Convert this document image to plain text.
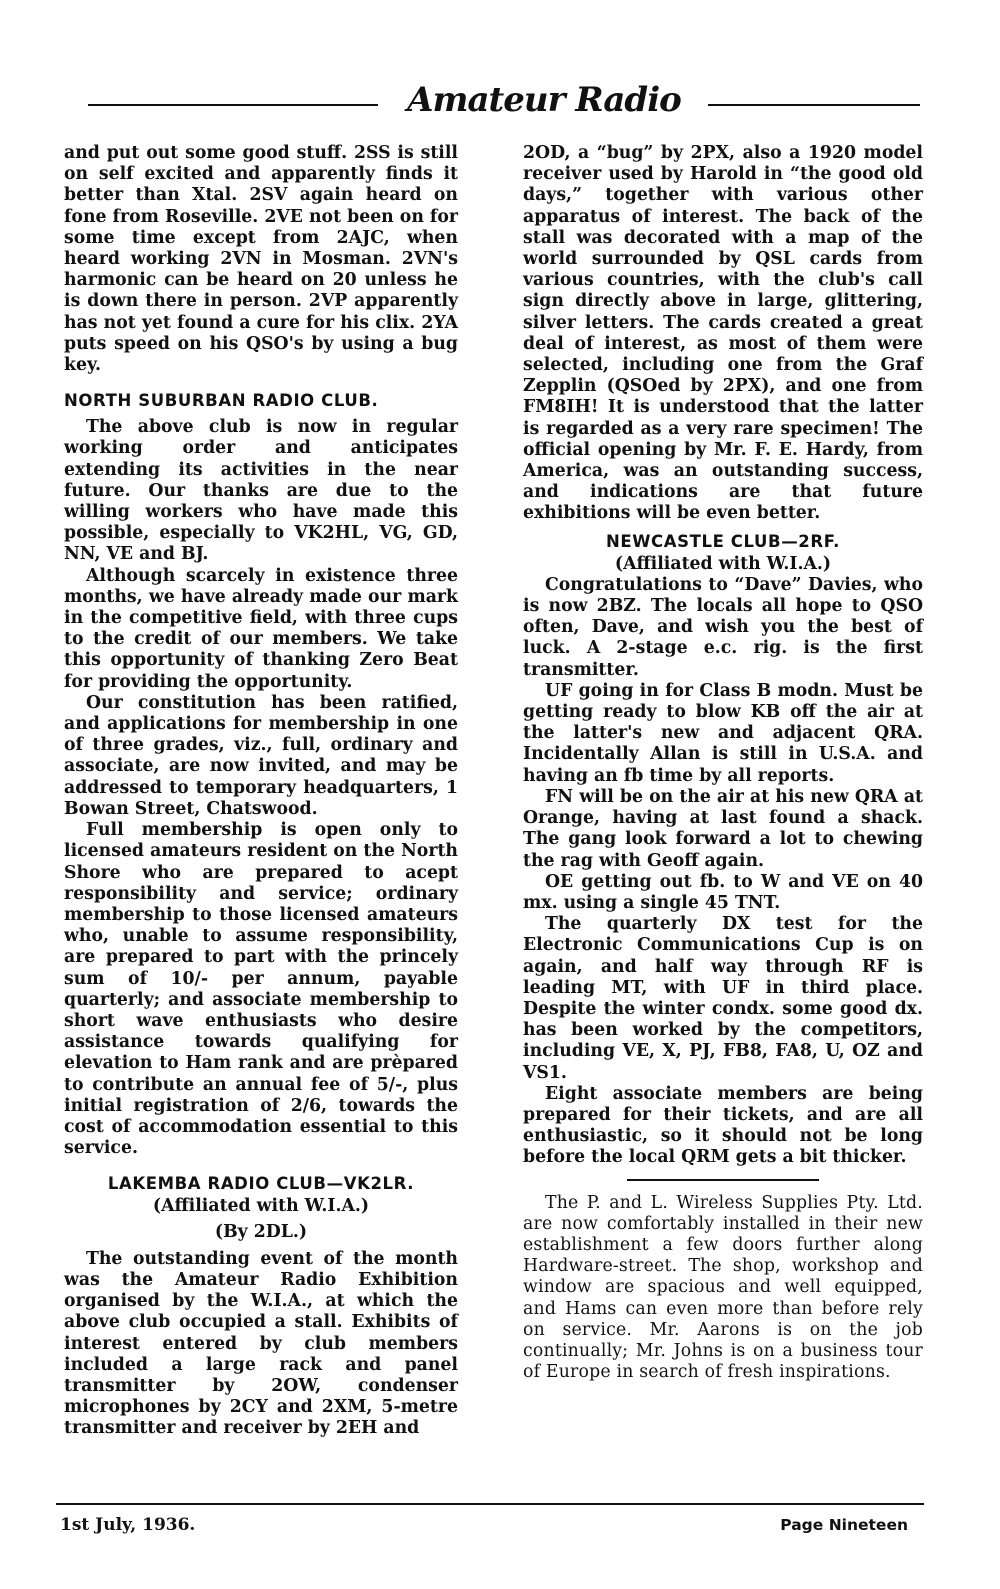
Amateur Radio

and put out some good stuff. 2SS is still on self excited and apparently finds it better than Xtal. 2SV again heard on fone from Roseville. 2VE not been on for some time except from 2AJC, when heard working 2VN in Mosman. 2VN's harmonic can be heard on 20 unless he is down there in person. 2VP apparently has not yet found a cure for his clix. 2YA puts speed on his QSO's by using a bug key.

NORTH SUBURBAN RADIO CLUB.

The above club is now in regular working order and anticipates extending its activities in the near future. Our thanks are due to the willing workers who have made this possible, especially to VK2HL, VG, GD, NN, VE and BJ.

Although scarcely in existence three months, we have already made our mark in the competitive field, with three cups to the credit of our members. We take this opportunity of thanking Zero Beat for providing the opportunity.

Our constitution has been ratified, and applications for membership in one of three grades, viz., full, ordinary and associate, are now invited, and may be addressed to temporary headquarters, 1 Bowan Street, Chatswood.

Full membership is open only to licensed amateurs resident on the North Shore who are prepared to acept responsibility and service; ordinary membership to those licensed amateurs who, unable to assume responsibility, are prepared to part with the princely sum of 10/- per annum, payable quarterly; and associate membership to short wave enthusiasts who desire assistance towards qualifying for elevation to Ham rank and are prèpared to contribute an annual fee of 5/-, plus initial registration of 2/6, towards the cost of accommodation essential to this service.

LAKEMBA RADIO CLUB—VK2LR.

(Affiliated with W.I.A.)

(By 2DL.)

The outstanding event of the month was the Amateur Radio Exhibition organised by the W.I.A., at which the above club occupied a stall. Exhibits of interest entered by club members included a large rack and panel transmitter by 2OW, condenser microphones by 2CY and 2XM, 5-metre transmitter and receiver by 2EH and

2OD, a “bug” by 2PX, also a 1920 model receiver used by Harold in “the good old days,” together with various other apparatus of interest. The back of the stall was decorated with a map of the world surrounded by QSL cards from various countries, with the club's call sign directly above in large, glittering, silver letters. The cards created a great deal of interest, as most of them were selected, including one from the Graf Zepplin (QSOed by 2PX), and one from FM8IH! It is understood that the latter is regarded as a very rare specimen! The official opening by Mr. F. E. Hardy, from America, was an outstanding success, and indications are that future exhibitions will be even better.

NEWCASTLE CLUB—2RF.

(Affiliated with W.I.A.)

Congratulations to “Dave” Davies, who is now 2BZ. The locals all hope to QSO often, Dave, and wish you the best of luck. A 2-stage e.c. rig. is the first transmitter.

UF going in for Class B modn. Must be getting ready to blow KB off the air at the latter's new and adjacent QRA. Incidentally Allan is still in U.S.A. and having an fb time by all reports.

FN will be on the air at his new QRA at Orange, having at last found a shack. The gang look forward a lot to chewing the rag with Geoff again.

OE getting out fb. to W and VE on 40 mx. using a single 45 TNT.

The quarterly DX test for the Electronic Communications Cup is on again, and half way through RF is leading MT, with UF in third place. Despite the winter condx. some good dx. has been worked by the competitors, including VE, X, PJ, FB8, FA8, U, OZ and VS1.

Eight associate members are being prepared for their tickets, and are all enthusiastic, so it should not be long before the local QRM gets a bit thicker.

The P. and L. Wireless Supplies Pty. Ltd. are now comfortably installed in their new establishment a few doors further along Hardware-street. The shop, workshop and window are spacious and well equipped, and Hams can even more than before rely on service. Mr. Aarons is on the job continually; Mr. Johns is on a business tour of Europe in search of fresh inspirations.

1st July, 1936.	Page Nineteen
